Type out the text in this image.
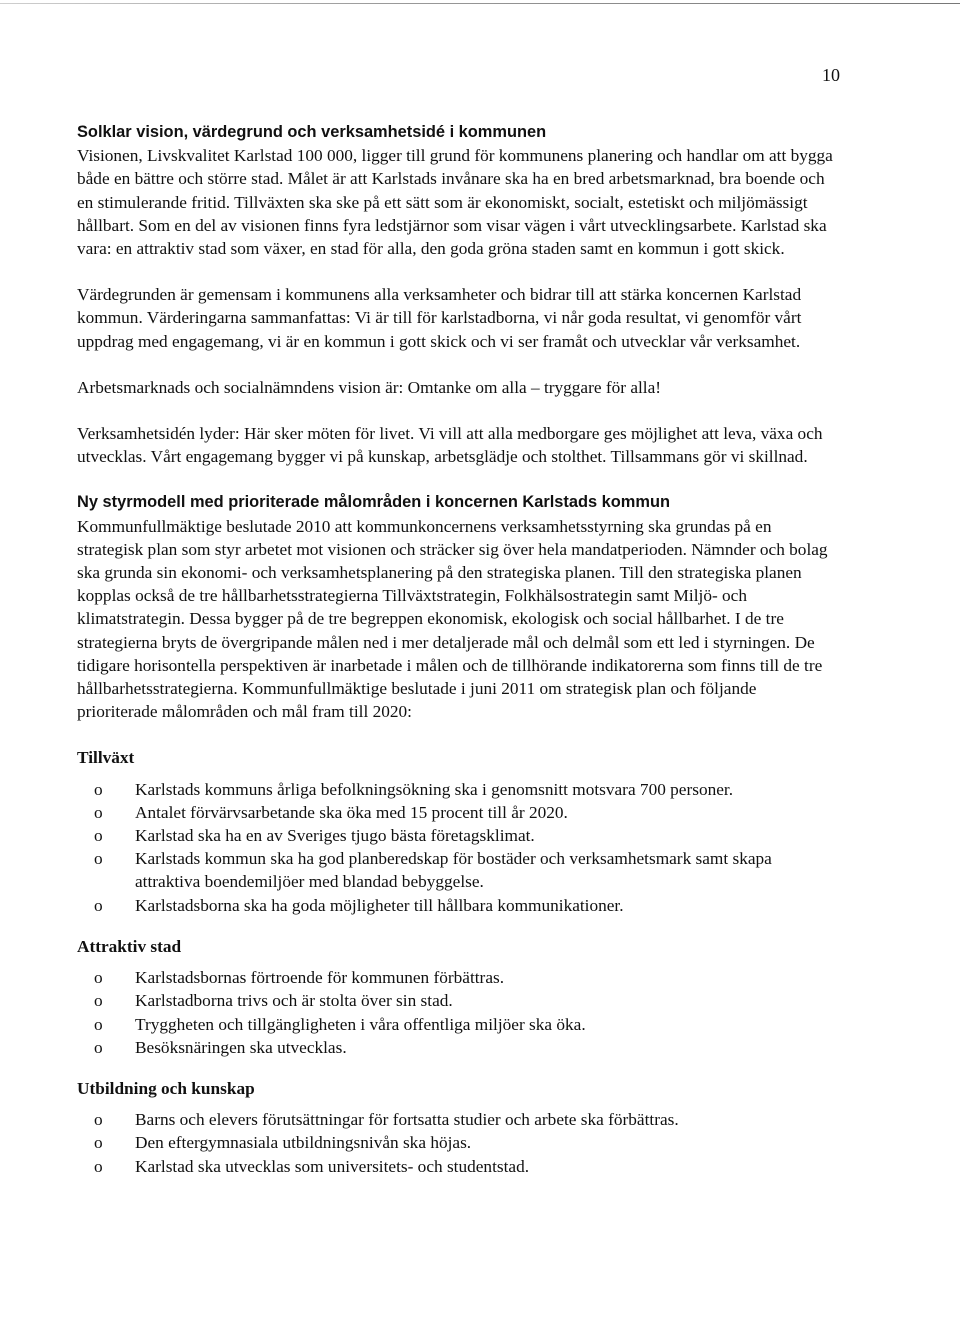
10
Solklar vision, värdegrund och verksamhetsidé i kommunen

Visionen, Livskvalitet Karlstad 100 000, ligger till grund för kommunens planering och handlar om att bygga både en bättre och större stad. Målet är att Karlstads invånare ska ha en bred arbetsmarknad, bra boende och en stimulerande fritid. Tillväxten ska ske på ett sätt som är ekonomiskt, socialt, estetiskt och miljömässigt hållbart. Som en del av visionen finns fyra ledstjärnor som visar vägen i vårt utvecklingsarbete. Karlstad ska vara: en attraktiv stad som växer, en stad för alla, den goda gröna staden samt en kommun i gott skick.

Värdegrunden är gemensam i kommunens alla verksamheter och bidrar till att stärka koncernen Karlstad kommun. Värderingarna sammanfattas: Vi är till för karlstadborna, vi når goda resultat, vi genomför vårt uppdrag med engagemang, vi är en kommun i gott skick och vi ser framåt och utvecklar vår verksamhet.

Arbetsmarknads och socialnämndens vision är: Omtanke om alla – tryggare för alla!

Verksamhetsidén lyder: Här sker möten för livet. Vi vill att alla medborgare ges möjlighet att leva, växa och utvecklas. Vårt engagemang bygger vi på kunskap, arbetsglädje och stolthet. Tillsammans gör vi skillnad.

Ny styrmodell med prioriterade målområden i koncernen Karlstads kommun

Kommunfullmäktige beslutade 2010 att kommunkoncernens verksamhetsstyrning ska grundas på en strategisk plan som styr arbetet mot visionen och sträcker sig över hela mandatperioden. Nämnder och bolag ska grunda sin ekonomi- och verksamhetsplanering på den strategiska planen. Till den strategiska planen kopplas också de tre hållbarhetsstrategierna Tillväxtstrategin, Folkhälsostrategin samt Miljö- och klimatstrategin. Dessa bygger på de tre begreppen ekonomisk, ekologisk och social hållbarhet. I de tre strategierna bryts de övergripande målen ned i mer detaljerade mål och delmål som ett led i styrningen. De tidigare horisontella perspektiven är inarbetade i målen och de tillhörande indikatorerna som finns till de tre hållbarhetsstrategierna. Kommunfullmäktige beslutade i juni 2011 om strategisk plan och följande prioriterade målområden och mål fram till 2020:

Tillväxt
o Karlstads kommuns årliga befolkningsökning ska i genomsnitt motsvara 700 personer.
o Antalet förvärvsarbetande ska öka med 15 procent till år 2020.
o Karlstad ska ha en av Sveriges tjugo bästa företagsklimat.
o Karlstads kommun ska ha god planberedskap för bostäder och verksamhetsmark samt skapa attraktiva boendemiljöer med blandad bebyggelse.
o Karlstadsborna ska ha goda möjligheter till hållbara kommunikationer.
Attraktiv stad
o Karlstadsbornas förtroende för kommunen förbättras.
o Karlstadborna trivs och är stolta över sin stad.
o Tryggheten och tillgängligheten i våra offentliga miljöer ska öka.
o Besöksnäringen ska utvecklas.
Utbildning och kunskap
o Barns och elevers förutsättningar för fortsatta studier och arbete ska förbättras.
o Den eftergymnasiala utbildningsnivån ska höjas.
o Karlstad ska utvecklas som universitets- och studentstad.
